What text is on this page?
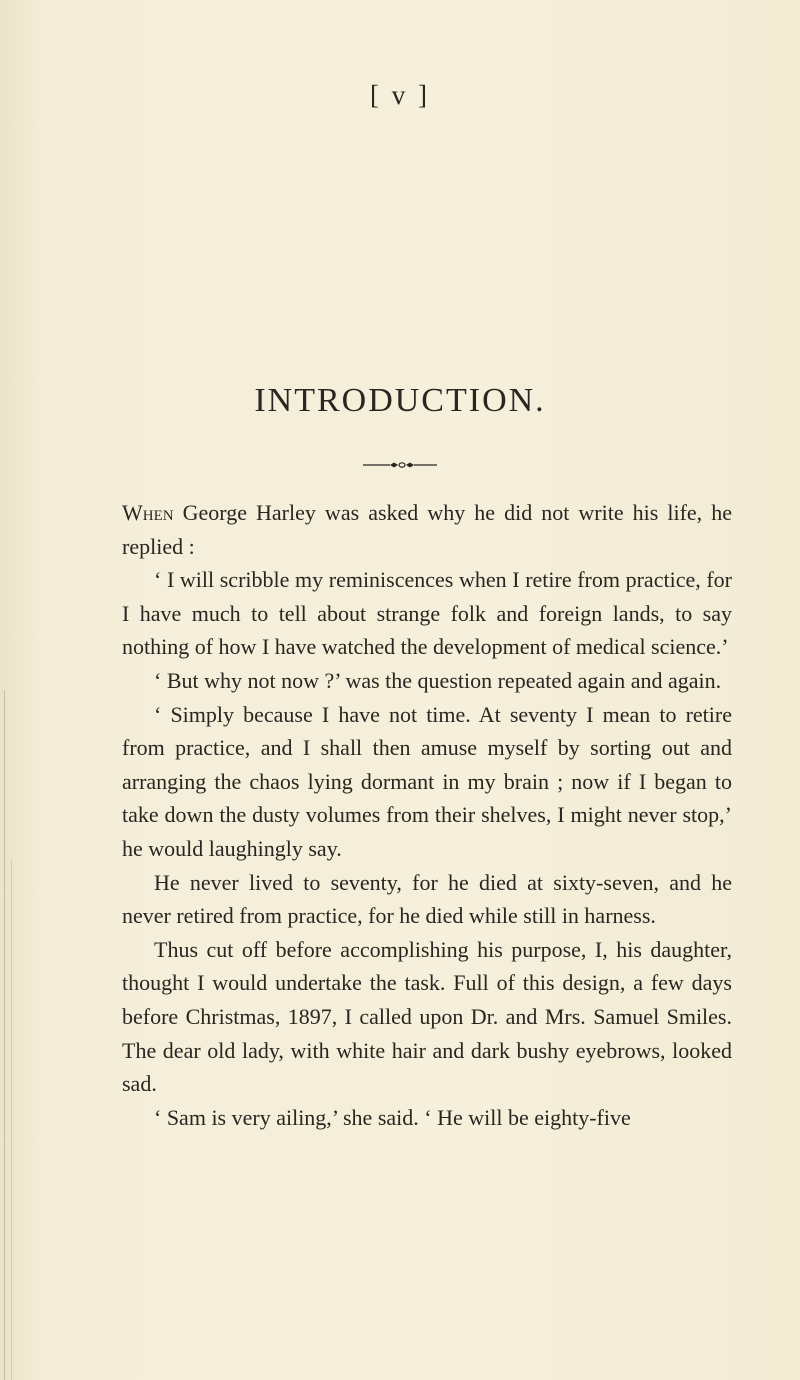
[ v ]
INTRODUCTION.

When George Harley was asked why he did not write his life, he replied :

‘ I will scribble my reminiscences when I retire from practice, for I have much to tell about strange folk and foreign lands, to say nothing of how I have watched the development of medical science.’

‘ But why not now ?’ was the question repeated again and again.

‘ Simply because I have not time. At seventy I mean to retire from practice, and I shall then amuse myself by sorting out and arranging the chaos lying dormant in my brain ; now if I began to take down the dusty volumes from their shelves, I might never stop,’ he would laughingly say.

He never lived to seventy, for he died at sixty-seven, and he never retired from practice, for he died while still in harness.

Thus cut off before accomplishing his purpose, I, his daughter, thought I would undertake the task. Full of this design, a few days before Christmas, 1897, I called upon Dr. and Mrs. Samuel Smiles. The dear old lady, with white hair and dark bushy eyebrows, looked sad.

‘ Sam is very ailing,’ she said. ‘ He will be eighty-five
